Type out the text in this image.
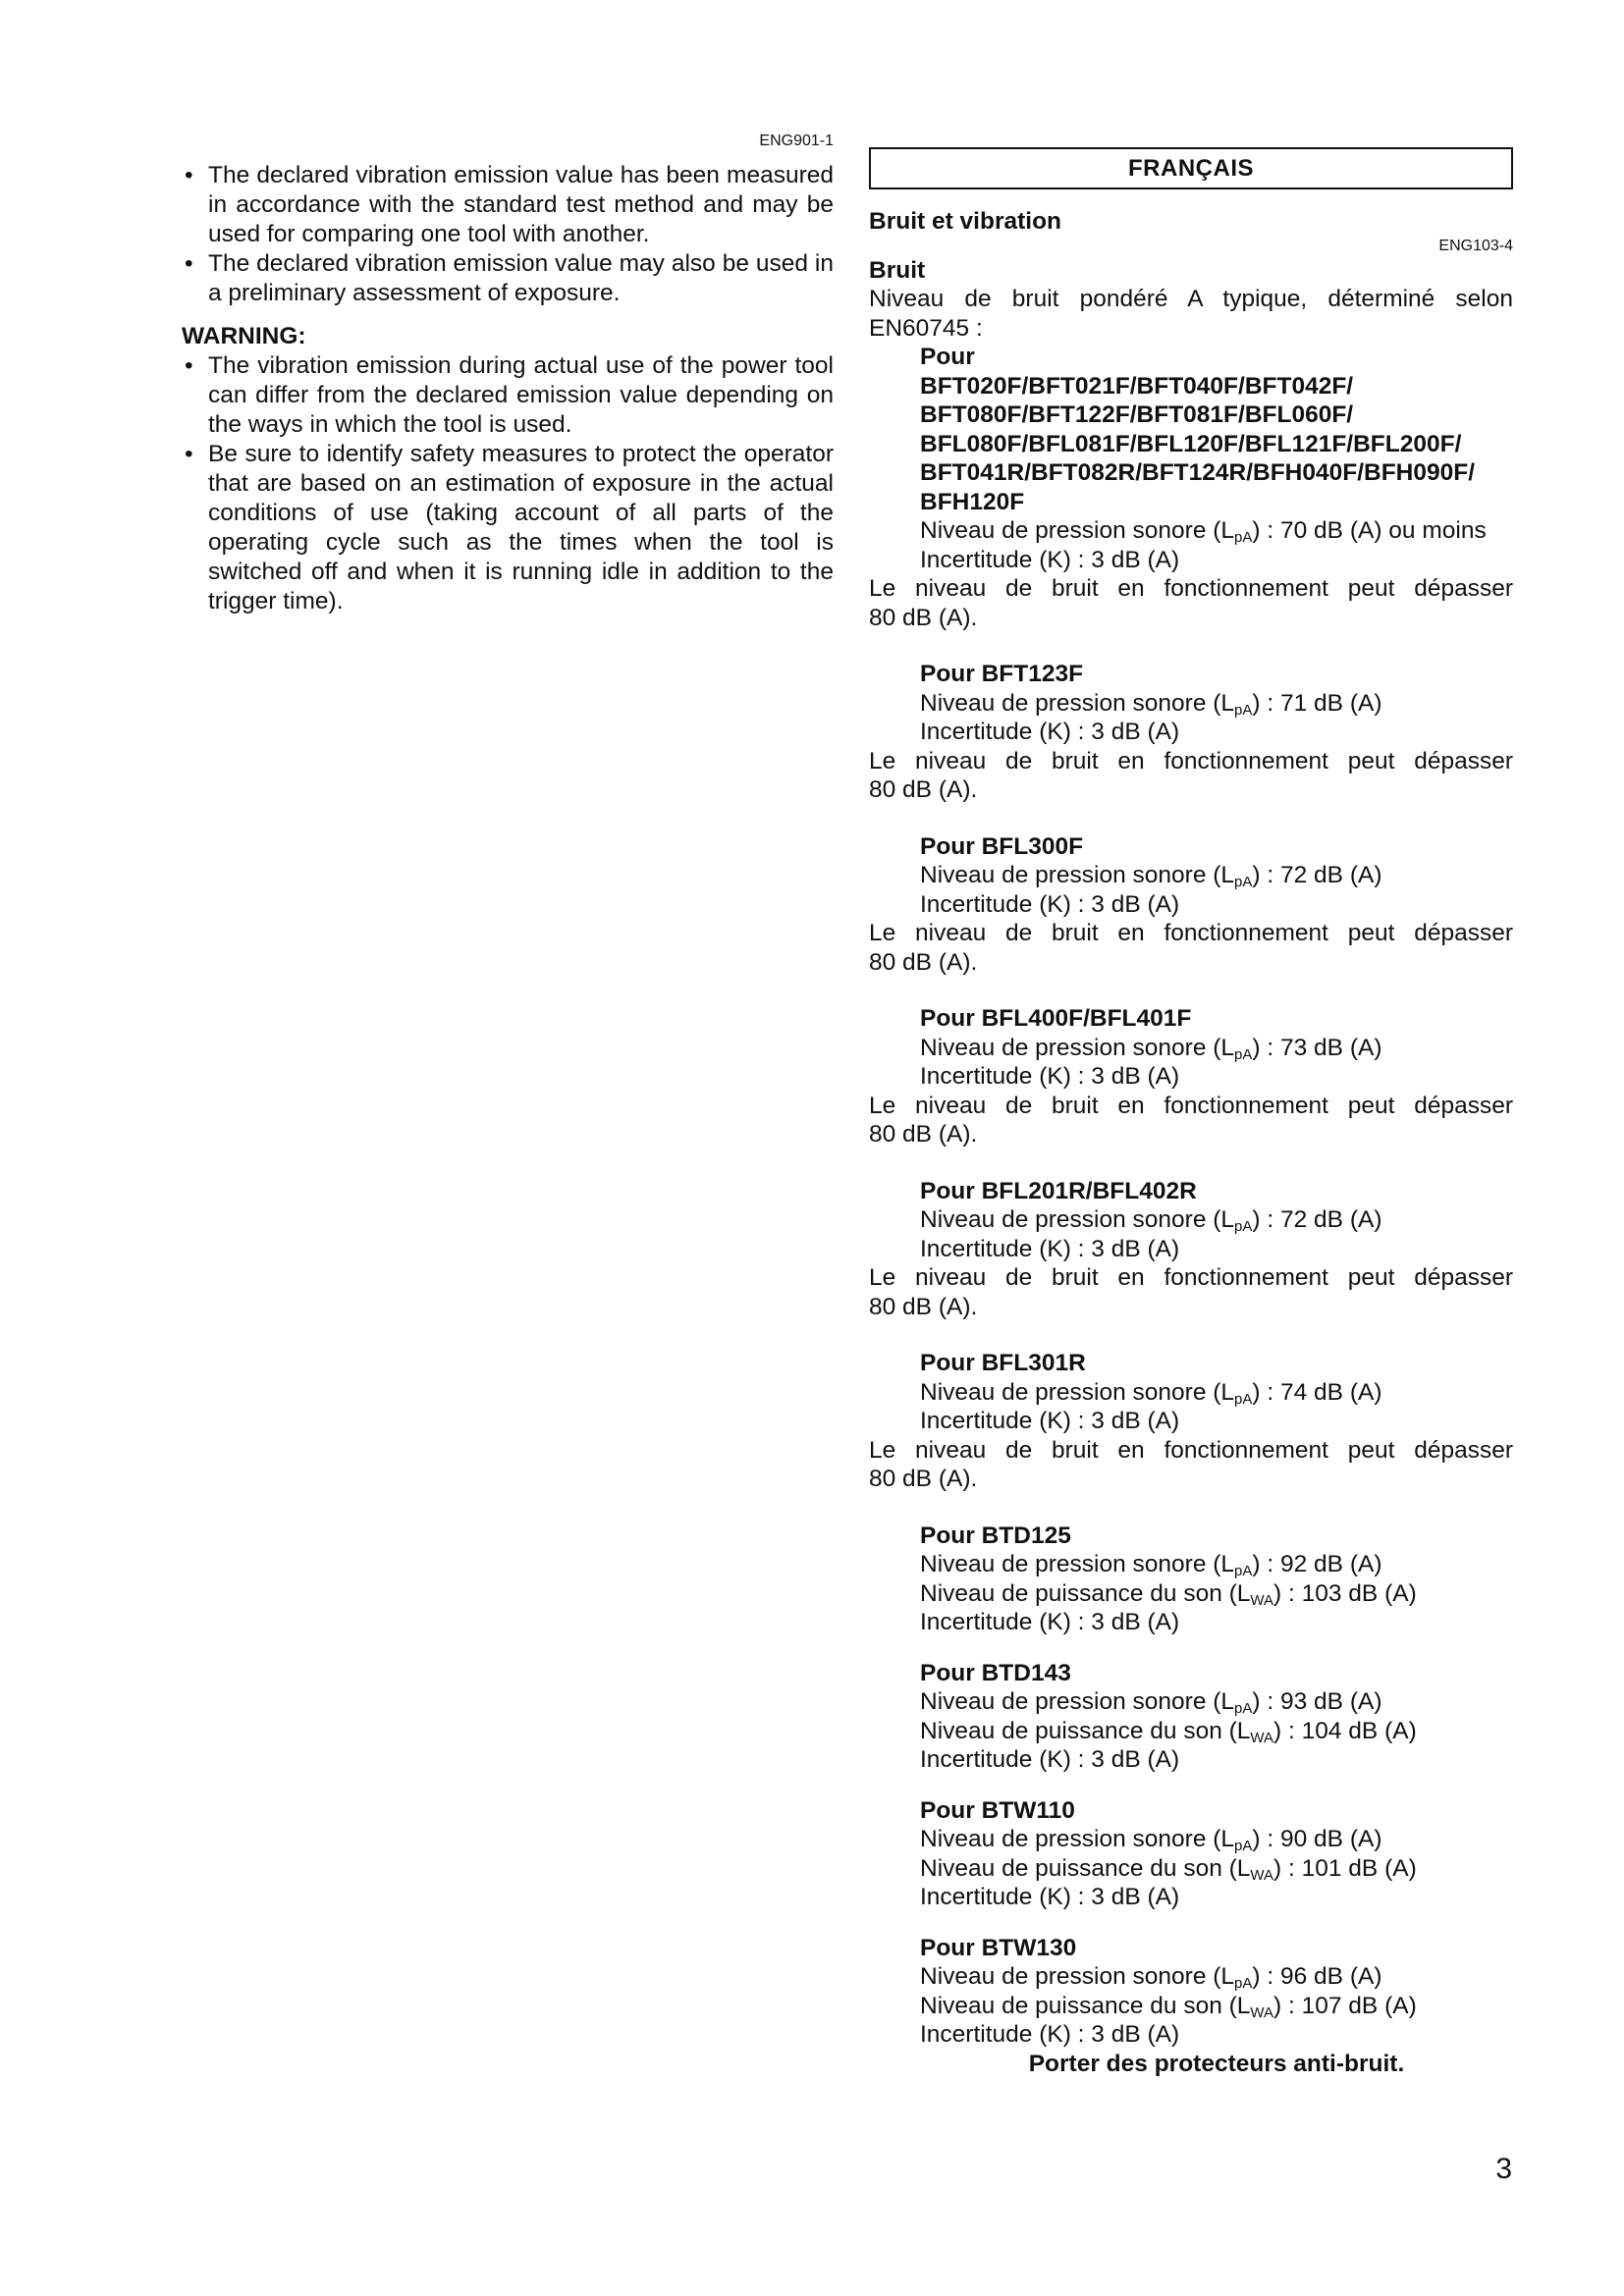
ENG901-1
• The declared vibration emission value has been measured in accordance with the standard test method and may be used for comparing one tool with another.
• The declared vibration emission value may also be used in a preliminary assessment of exposure.
WARNING:
• The vibration emission during actual use of the power tool can differ from the declared emission value depending on the ways in which the tool is used.
• Be sure to identify safety measures to protect the operator that are based on an estimation of exposure in the actual conditions of use (taking account of all parts of the operating cycle such as the times when the tool is switched off and when it is running idle in addition to the trigger time).
FRANÇAIS
Bruit et vibration
ENG103-4
Bruit
Niveau de bruit pondéré A typique, déterminé selon
EN60745 :
Pour
BFT020F/BFT021F/BFT040F/BFT042F/
BFT080F/BFT122F/BFT081F/BFL060F/
BFL080F/BFL081F/BFL120F/BFL121F/BFL200F/
BFT041R/BFT082R/BFT124R/BFH040F/BFH090F/
BFH120F
Niveau de pression sonore $(L_{pA})$ : 70 dB (A) ou moins
Incertitude (K) : 3 dB (A)
Le niveau de bruit en fonctionnement peut dépasser
80 dB (A).
Pour BFT123F
Niveau de pression sonore $(L_{pA})$ : 71 dB (A)
Incertitude (K) : 3 dB (A)
Le niveau de bruit en fonctionnement peut dépasser
80 dB (A).
Pour BFL300F
Niveau de pression sonore $(L_{pA})$ : 72 dB (A)
Incertitude (K) : 3 dB (A)
Le niveau de bruit en fonctionnement peut dépasser
80 dB (A).
Pour BFL400F/BFL401F
Niveau de pression sonore $(L_{pA})$ : 73 dB (A)
Incertitude (K) : 3 dB (A)
Le niveau de bruit en fonctionnement peut dépasser
80 dB (A).
Pour BFL201R/BFL402R
Niveau de pression sonore $(L_{pA})$ : 72 dB (A)
Incertitude (K) : 3 dB (A)
Le niveau de bruit en fonctionnement peut dépasser
80 dB (A).
Pour BFL301R
Niveau de pression sonore $(L_{pA})$ : 74 dB (A)
Incertitude (K) : 3 dB (A)
Le niveau de bruit en fonctionnement peut dépasser
80 dB (A).
Pour BTD125
Niveau de pression sonore $(L_{pA})$ : 92 dB (A)
Niveau de puissance du son $(L_{WA})$ : 103 dB (A)
Incertitude (K) : 3 dB (A)
Pour BTD143
Niveau de pression sonore $(L_{pA})$ : 93 dB (A)
Niveau de puissance du son $(L_{WA})$ : 104 dB (A)
Incertitude (K) : 3 dB (A)
Pour BTW110
Niveau de pression sonore $(L_{pA})$ : 90 dB (A)
Niveau de puissance du son $(L_{WA})$ : 101 dB (A)
Incertitude (K) : 3 dB (A)
Pour BTW130
Niveau de pression sonore $(L_{pA})$ : 96 dB (A)
Niveau de puissance du son $(L_{WA})$ : 107 dB (A)
Incertitude (K) : 3 dB (A)
Porter des protecteurs anti-bruit.
3
